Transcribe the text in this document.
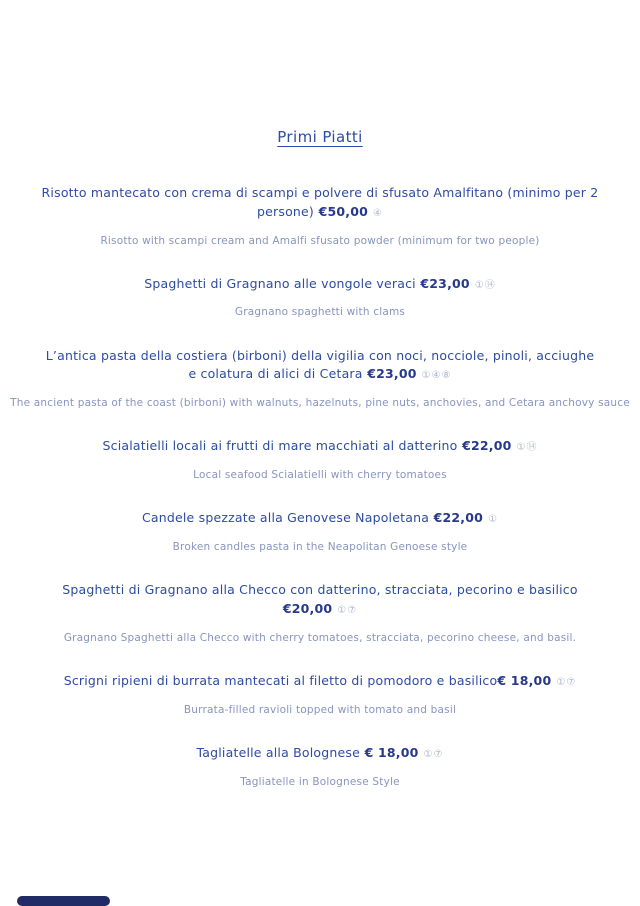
Primi Piatti
Risotto mantecato con crema di scampi e polvere di sfusato Amalfitano (minimo per 2 persone) €50,00 ④
Risotto with scampi cream and Amalfi sfusato powder (minimum for two people)
Spaghetti di Gragnano alle vongole veraci €23,00 ①⑭
Gragnano spaghetti with clams
L’antica pasta della costiera (birboni) della vigilia con noci, nocciole, pinoli, acciughe e colatura di alici di Cetara €23,00 ①④⑧
The ancient pasta of the coast (birboni) with walnuts, hazelnuts, pine nuts, anchovies, and Cetara anchovy sauce
Scialatielli locali ai frutti di mare macchiati al datterino €22,00 ①⑭
Local seafood Scialatielli with cherry tomatoes
Candele spezzate alla Genovese Napoletana €22,00 ①
Broken candles pasta in the Neapolitan Genoese style
Spaghetti di Gragnano alla Checco con datterino, stracciata, pecorino e basilico €20,00 ①⑦
Gragnano Spaghetti alla Checco with cherry tomatoes, stracciata, pecorino cheese, and basil.
Scrigni ripieni di burrata mantecati al filetto di pomodoro e basilico€ 18,00 ①⑦
Burrata-filled ravioli topped with tomato and basil
Tagliatelle alla Bolognese € 18,00 ①⑦
Tagliatelle in Bolognese Style
